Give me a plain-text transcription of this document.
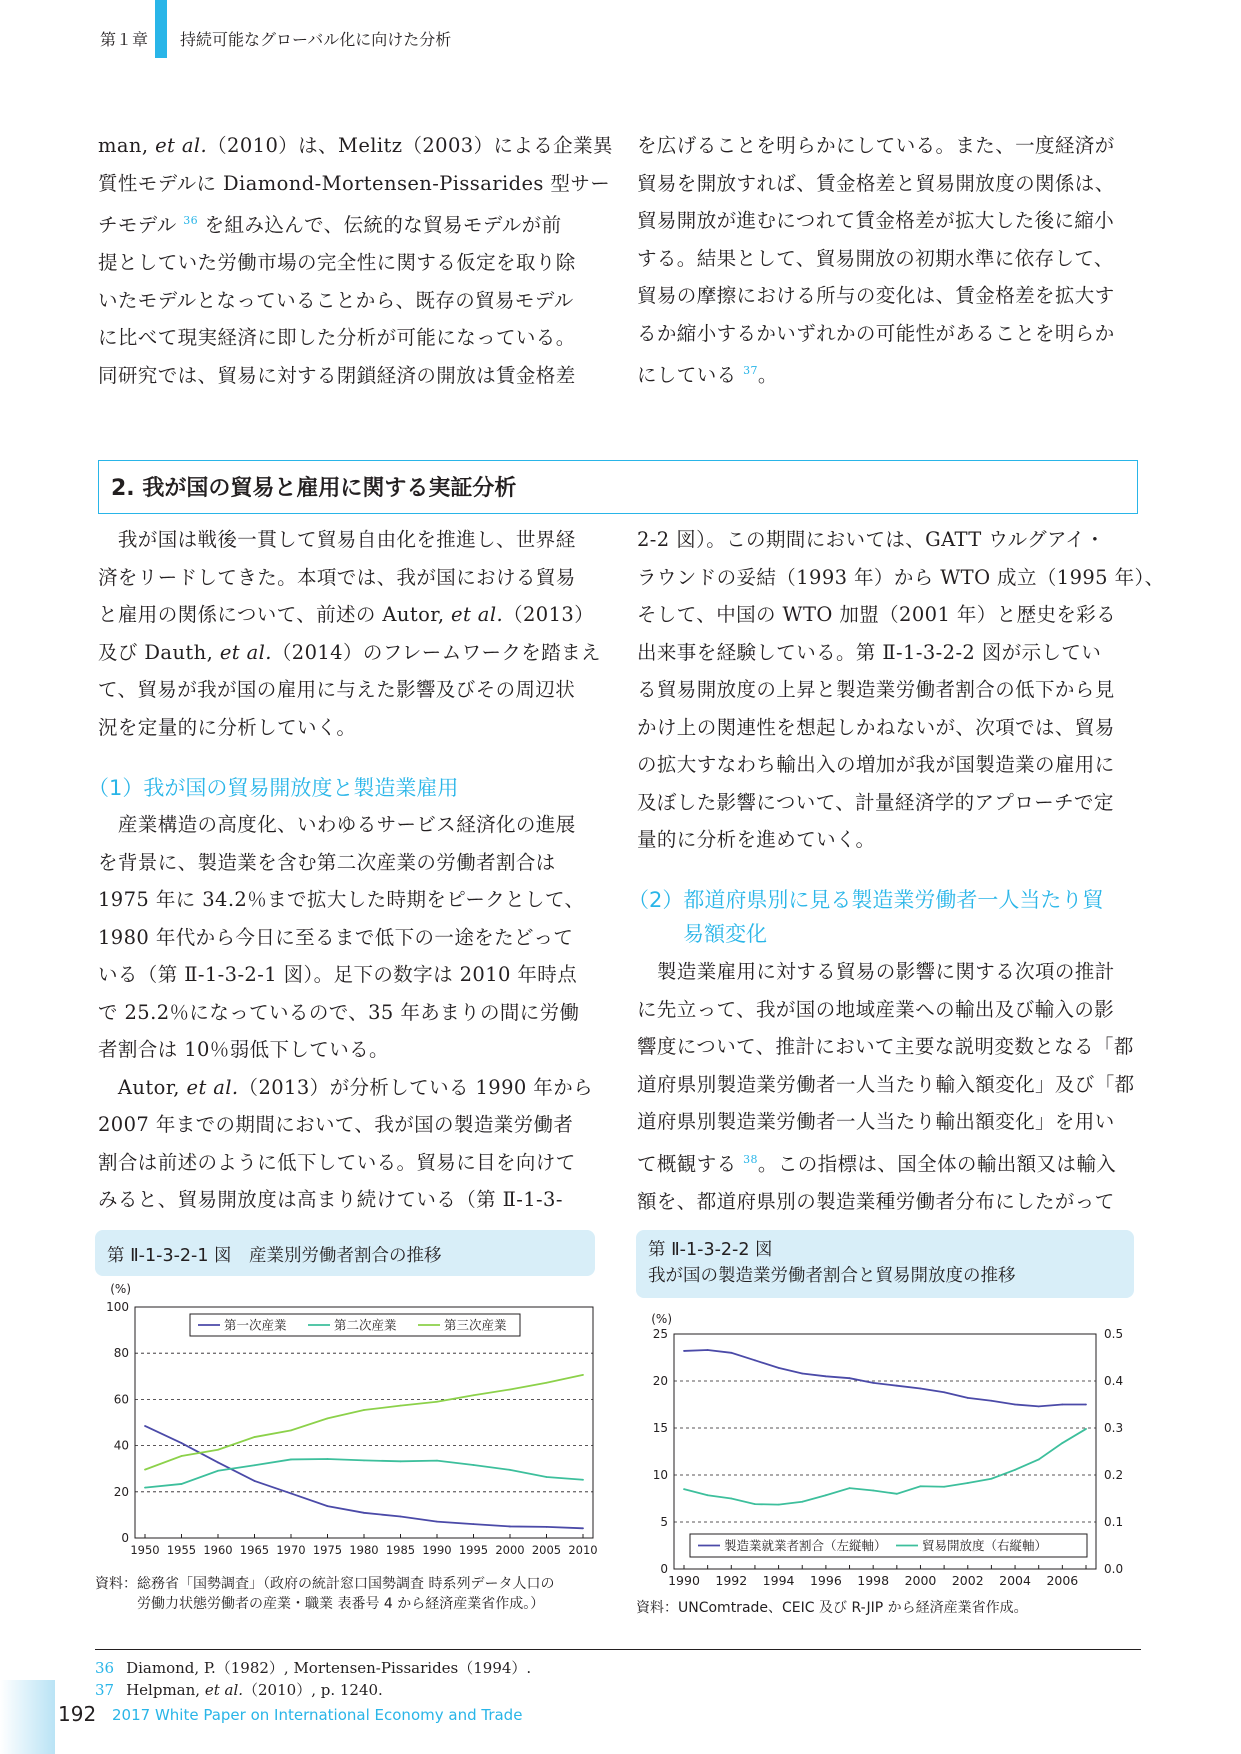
第１章 持続可能なグローバル化に向けた分析

man, et al.（2010）は、Melitz（2003）による企業異

質性モデルに Diamond-Mortensen-Pissarides 型サー

チモデル $^{36}$ を組み込んで、伝統的な貿易モデルが前

提としていた労働市場の完全性に関する仮定を取り除

いたモデルとなっていることから、既存の貿易モデル

に比べて現実経済に即した分析が可能になっている。

同研究では、貿易に対する閉鎖経済の開放は賃金格差

を広げることを明らかにしている。また、一度経済が

貿易を開放すれば、賃金格差と貿易開放度の関係は、

貿易開放が進むにつれて賃金格差が拡大した後に縮小

する。結果として、貿易開放の初期水準に依存して、

貿易の摩擦における所与の変化は、賃金格差を拡大す

るか縮小するかいずれかの可能性があることを明らか

にしている $^{37}$。

2. 我が国の貿易と雇用に関する実証分析

　我が国は戦後一貫して貿易自由化を推進し、世界経

済をリードしてきた。本項では、我が国における貿易

と雇用の関係について、前述の Autor, et al.（2013）

及び Dauth, et al.（2014）のフレームワークを踏まえ

て、貿易が我が国の雇用に与えた影響及びその周辺状

況を定量的に分析していく。

（1）我が国の貿易開放度と製造業雇用

　産業構造の高度化、いわゆるサービス経済化の進展

を背景に、製造業を含む第二次産業の労働者割合は

1975 年に 34.2％まで拡大した時期をピークとして、

1980 年代から今日に至るまで低下の一途をたどって

いる（第 Ⅱ-1-3-2-1 図）。足下の数字は 2010 年時点

で 25.2％になっているので、35 年あまりの間に労働

者割合は 10％弱低下している。

　Autor, et al.（2013）が分析している 1990 年から

2007 年までの期間において、我が国の製造業労働者

割合は前述のように低下している。貿易に目を向けて

みると、貿易開放度は高まり続けている（第 Ⅱ-1-3-

2-2 図）。この期間においては、GATT ウルグアイ・

ラウンドの妥結（1993 年）から WTO 成立（1995 年）、

そして、中国の WTO 加盟（2001 年）と歴史を彩る

出来事を経験している。第 Ⅱ-1-3-2-2 図が示してい

る貿易開放度の上昇と製造業労働者割合の低下から見

かけ上の関連性を想起しかねないが、次項では、貿易

の拡大すなわち輸出入の増加が我が国製造業の雇用に

及ぼした影響について、計量経済学的アプローチで定

量的に分析を進めていく。

（2）都道府県別に見る製造業労働者一人当たり貿
易額変化

　製造業雇用に対する貿易の影響に関する次項の推計

に先立って、我が国の地域産業への輸出及び輸入の影

響度について、推計において主要な説明変数となる「都

道府県別製造業労働者一人当たり輸入額変化」及び「都

道府県別製造業労働者一人当たり輸出額変化」を用い

て概観する $^{38}$。この指標は、国全体の輸出額又は輸入

額を、都道府県別の製造業種労働者分布にしたがって

第 Ⅱ-1-3-2-1 図　産業別労働者割合の推移
(%)
0
20
40
60
80
100
1950 1955 1960 1965 1970 1975 1980 1985 1990 1995 2000 2005 2010
第一次産業	第二次産業	第三次産業
資料：総務省「国勢調査」（政府の統計窓口国勢調査 時系列データ人口の
　　　労働力状態労働者の産業・職業 表番号 4 から経済産業省作成。）
第 Ⅱ-1-3-2-2 図
我が国の製造業労働者割合と貿易開放度の推移
(%)
0
5
10
15
20
25
0.0
0.1
0.2
0.3
0.4
0.5
1990 1992 1994 1996 1998 2000 2002 2004 2006
製造業就業者割合（左縦軸）	貿易開放度（右縦軸）
資料：UNComtrade、CEIC 及び R-JIP から経済産業省作成。
36 Diamond, P.（1982）, Mortensen-Pissarides（1994）.
37 Helpman, et al.（2010）, p. 1240.
192 2017 White Paper on International Economy and Trade
